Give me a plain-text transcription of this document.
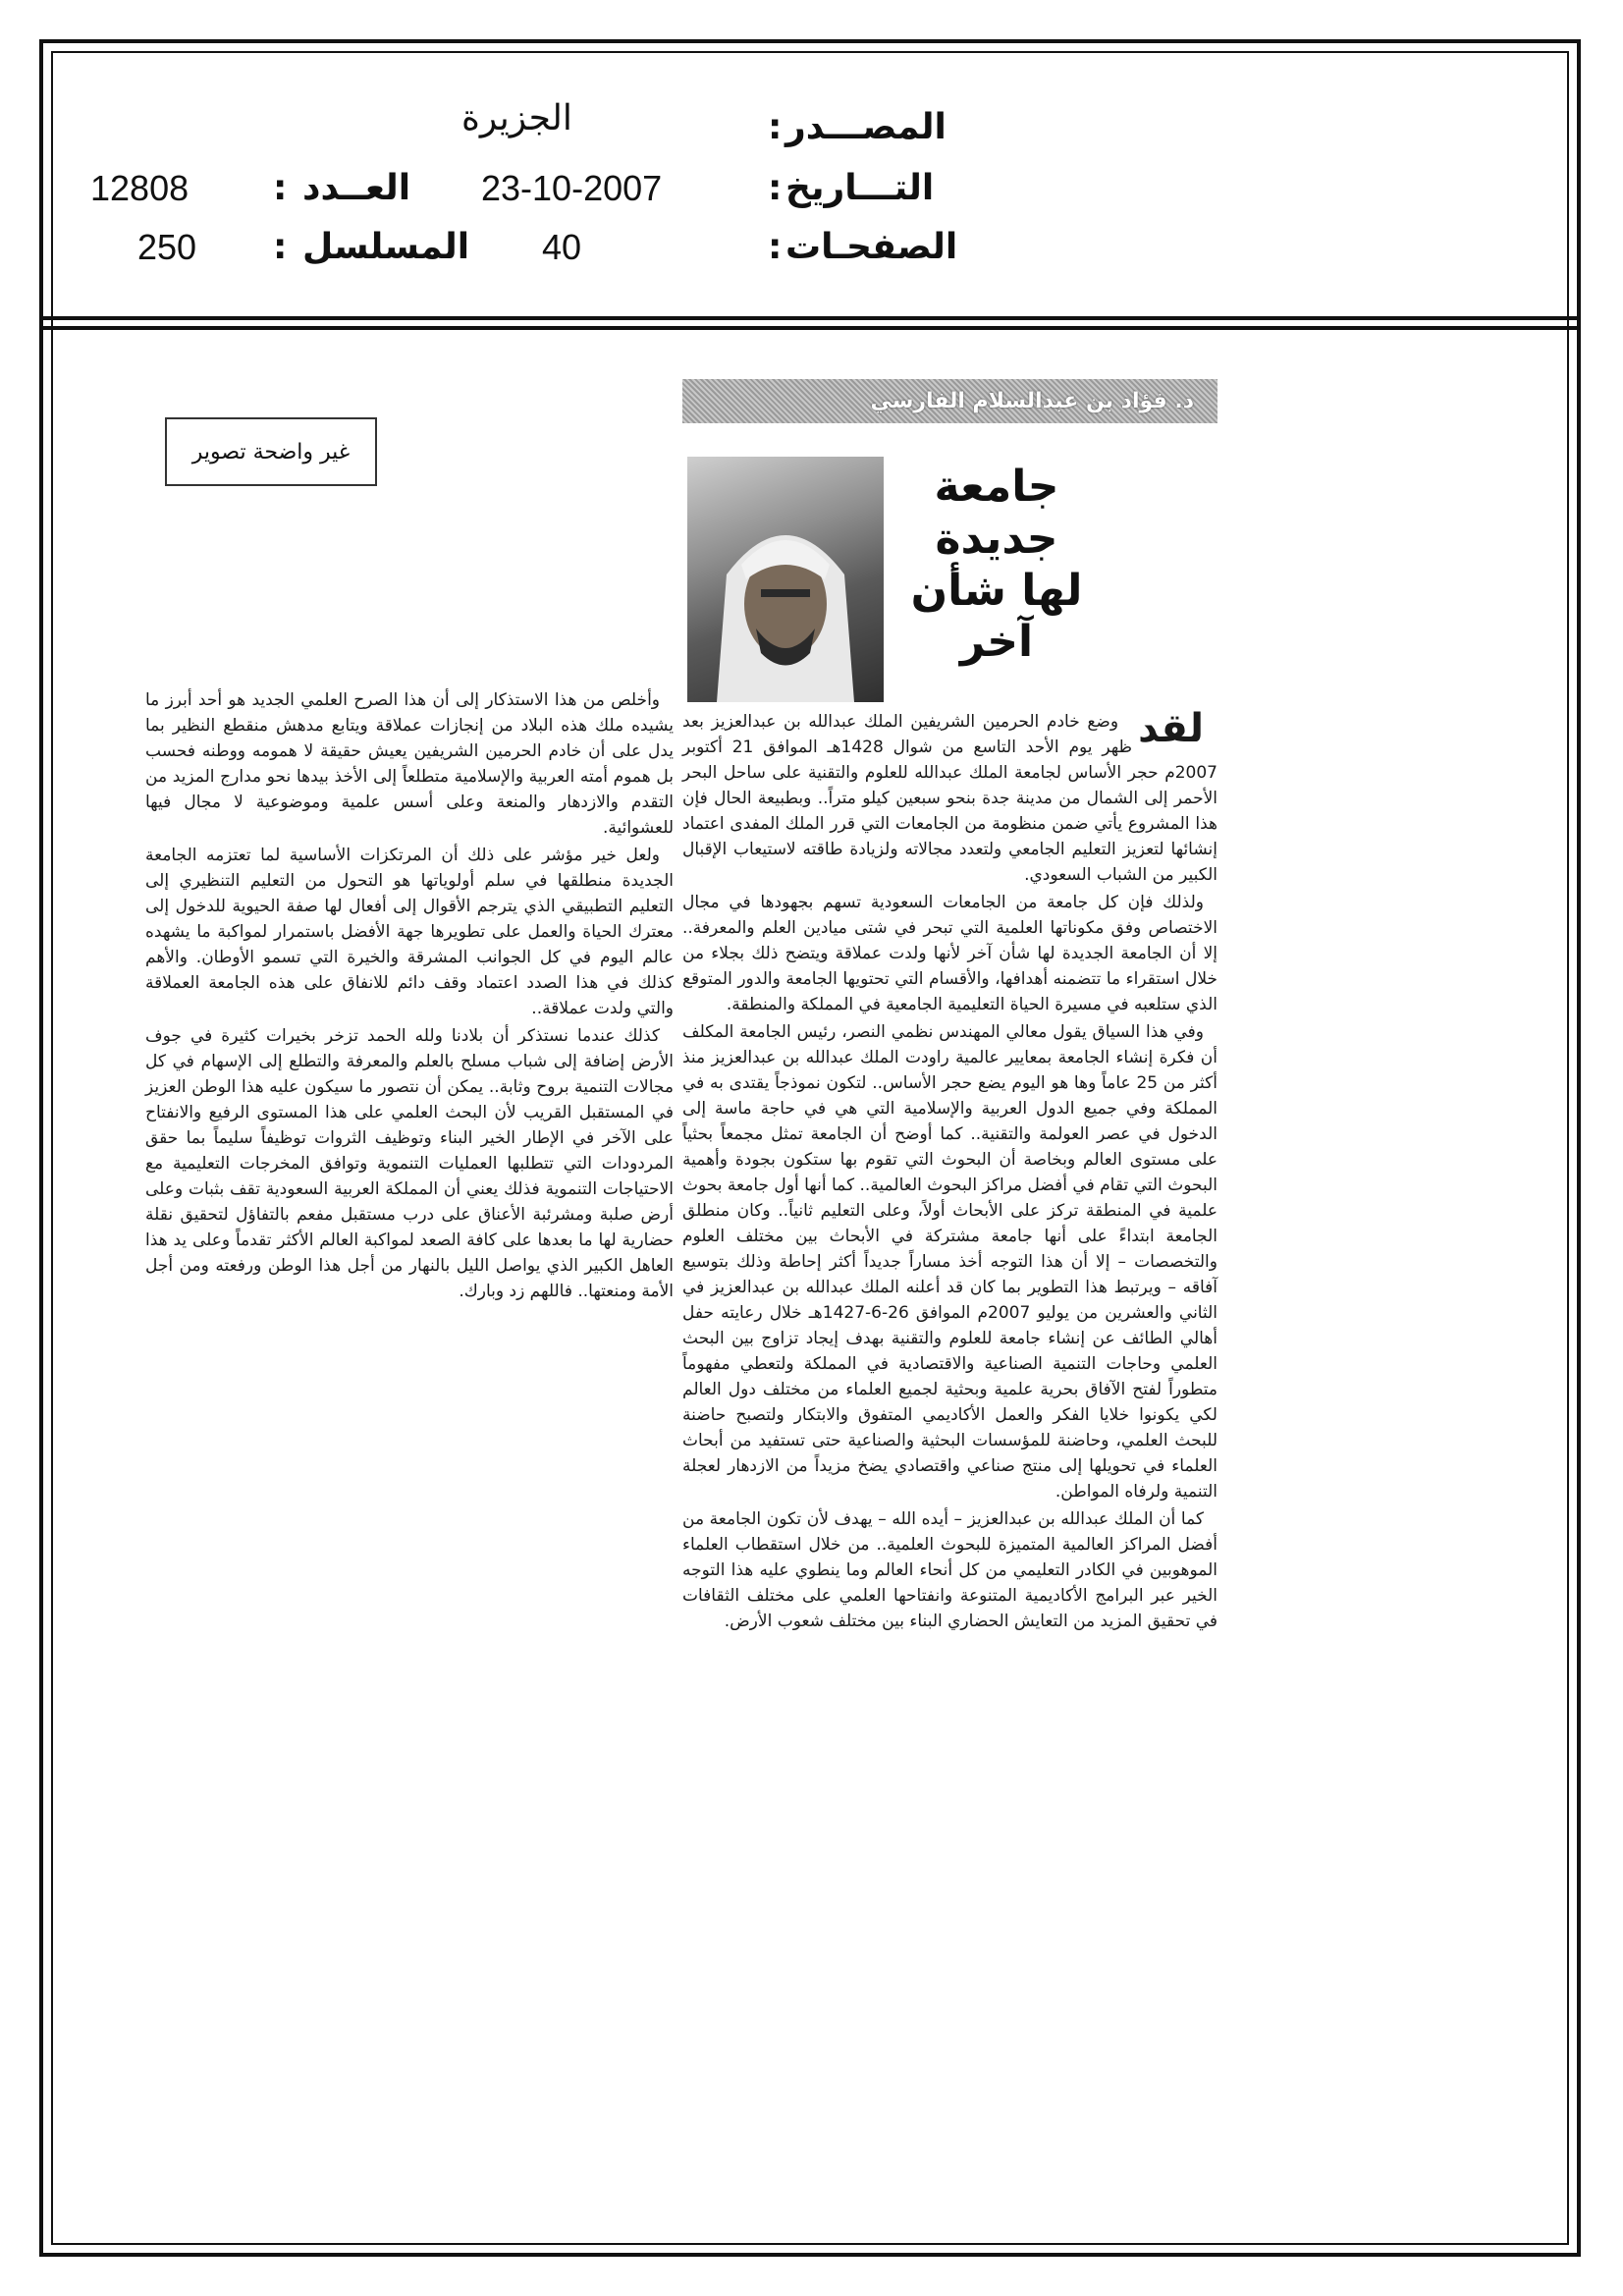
المصـــدر
:
الجزيرة
التـــاريخ
:
23-10-2007
العــدد
:
12808
الصفحـات
:
40
المسلسل
:
250
غير واضحة تصوير
د. فؤاد بن عبدالسلام الفارسي
جامعة جديدة
لها شأن آخر

لقد
وضع خادم الحرمين الشريفين الملك عبدالله بن عبدالعزيز بعد ظهر يوم الأحد التاسع من شوال 1428هـ الموافق 21 أكتوبر 2007م حجر الأساس لجامعة الملك عبدالله للعلوم والتقنية على ساحل البحر الأحمر إلى الشمال من مدينة جدة بنحو سبعين كيلو متراً.. وبطبيعة الحال فإن هذا المشروع يأتي ضمن منظومة من الجامعات التي قرر الملك المفدى اعتماد إنشائها لتعزيز التعليم الجامعي ولتعدد مجالاته ولزيادة طاقته لاستيعاب الإقبال الكبير من الشباب السعودي.

ولذلك فإن كل جامعة من الجامعات السعودية تسهم بجهودها في مجال الاختصاص وفق مكوناتها العلمية التي تبحر في شتى ميادين العلم والمعرفة.. إلا أن الجامعة الجديدة لها شأن آخر لأنها ولدت عملاقة ويتضح ذلك بجلاء من خلال استقراء ما تتضمنه أهدافها، والأقسام التي تحتويها الجامعة والدور المتوقع الذي ستلعبه في مسيرة الحياة التعليمية الجامعية في المملكة والمنطقة.

وفي هذا السياق يقول معالي المهندس نظمي النصر، رئيس الجامعة المكلف أن فكرة إنشاء الجامعة بمعايير عالمية راودت الملك عبدالله بن عبدالعزيز منذ أكثر من 25 عاماً وها هو اليوم يضع حجر الأساس.. لتكون نموذجاً يقتدى به في المملكة وفي جميع الدول العربية والإسلامية التي هي في حاجة ماسة إلى الدخول في عصر العولمة والتقنية.. كما أوضح أن الجامعة تمثل مجمعاً بحثياً على مستوى العالم وبخاصة أن البحوث التي تقوم بها ستكون بجودة وأهمية البحوث التي تقام في أفضل مراكز البحوث العالمية.. كما أنها أول جامعة بحوث علمية في المنطقة تركز على الأبحاث أولاً، وعلى التعليم ثانياً.. وكان منطلق الجامعة ابتداءً على أنها جامعة مشتركة في الأبحاث بين مختلف العلوم والتخصصات – إلا أن هذا التوجه أخذ مساراً جديداً أكثر إحاطة وذلك بتوسيع آفاقه – ويرتبط هذا التطوير بما كان قد أعلنه الملك عبدالله بن عبدالعزيز في الثاني والعشرين من يوليو 2007م الموافق 26-6-1427هـ خلال رعايته حفل أهالي الطائف عن إنشاء جامعة للعلوم والتقنية بهدف إيجاد تزاوج بين البحث العلمي وحاجات التنمية الصناعية والاقتصادية في المملكة ولتعطي مفهوماً متطوراً لفتح الآفاق بحرية علمية وبحثية لجميع العلماء من مختلف دول العالم لكي يكونوا خلايا الفكر والعمل الأكاديمي المتفوق والابتكار ولتصبح حاضنة للبحث العلمي، وحاضنة للمؤسسات البحثية والصناعية حتى تستفيد من أبحاث العلماء في تحويلها إلى منتج صناعي واقتصادي يضخ مزيداً من الازدهار لعجلة التنمية ولرفاه المواطن.

كما أن الملك عبدالله بن عبدالعزيز – أيده الله – يهدف لأن تكون الجامعة من أفضل المراكز العالمية المتميزة للبحوث العلمية.. من خلال استقطاب العلماء الموهوبين في الكادر التعليمي من كل أنحاء العالم وما ينطوي عليه هذا التوجه الخير عبر البرامج الأكاديمية المتنوعة وانفتاحها العلمي على مختلف الثقافات في تحقيق المزيد من التعايش الحضاري البناء بين مختلف شعوب الأرض.

وأخلص من هذا الاستذكار إلى أن هذا الصرح العلمي الجديد هو أحد أبرز ما يشيده ملك هذه البلاد من إنجازات عملاقة ويتابع مدهش منقطع النظير بما يدل على أن خادم الحرمين الشريفين يعيش حقيقة لا همومه ووطنه فحسب بل هموم أمته العربية والإسلامية متطلعاً إلى الأخذ بيدها نحو مدارج المزيد من التقدم والازدهار والمنعة وعلى أسس علمية وموضوعية لا مجال فيها للعشوائية.

ولعل خير مؤشر على ذلك أن المرتكزات الأساسية لما تعتزمه الجامعة الجديدة منطلقها في سلم أولوياتها هو التحول من التعليم التنظيري إلى التعليم التطبيقي الذي يترجم الأقوال إلى أفعال لها صفة الحيوية للدخول إلى معترك الحياة والعمل على تطويرها جهة الأفضل باستمرار لمواكبة ما يشهده عالم اليوم في كل الجوانب المشرقة والخيرة التي تسمو الأوطان. والأهم كذلك في هذا الصدد اعتماد وقف دائم للانفاق على هذه الجامعة العملاقة والتي ولدت عملاقة..

كذلك عندما نستذكر أن بلادنا ولله الحمد تزخر بخيرات كثيرة في جوف الأرض إضافة إلى شباب مسلح بالعلم والمعرفة والتطلع إلى الإسهام في كل مجالات التنمية بروح وثابة.. يمكن أن نتصور ما سيكون عليه هذا الوطن العزيز في المستقبل القريب لأن البحث العلمي على هذا المستوى الرفيع والانفتاح على الآخر في الإطار الخير البناء وتوظيف الثروات توظيفاً سليماً بما حقق المردودات التي تتطلبها العمليات التنموية وتوافق المخرجات التعليمية مع الاحتياجات التنموية فذلك يعني أن المملكة العربية السعودية تقف بثبات وعلى أرض صلبة ومشرئبة الأعناق على درب مستقبل مفعم بالتفاؤل لتحقيق نقلة حضارية لها ما بعدها على كافة الصعد لمواكبة العالم الأكثر تقدماً وعلى يد هذا العاهل الكبير الذي يواصل الليل بالنهار من أجل هذا الوطن ورفعته ومن أجل الأمة ومنعتها.. فاللهم زد وبارك.
